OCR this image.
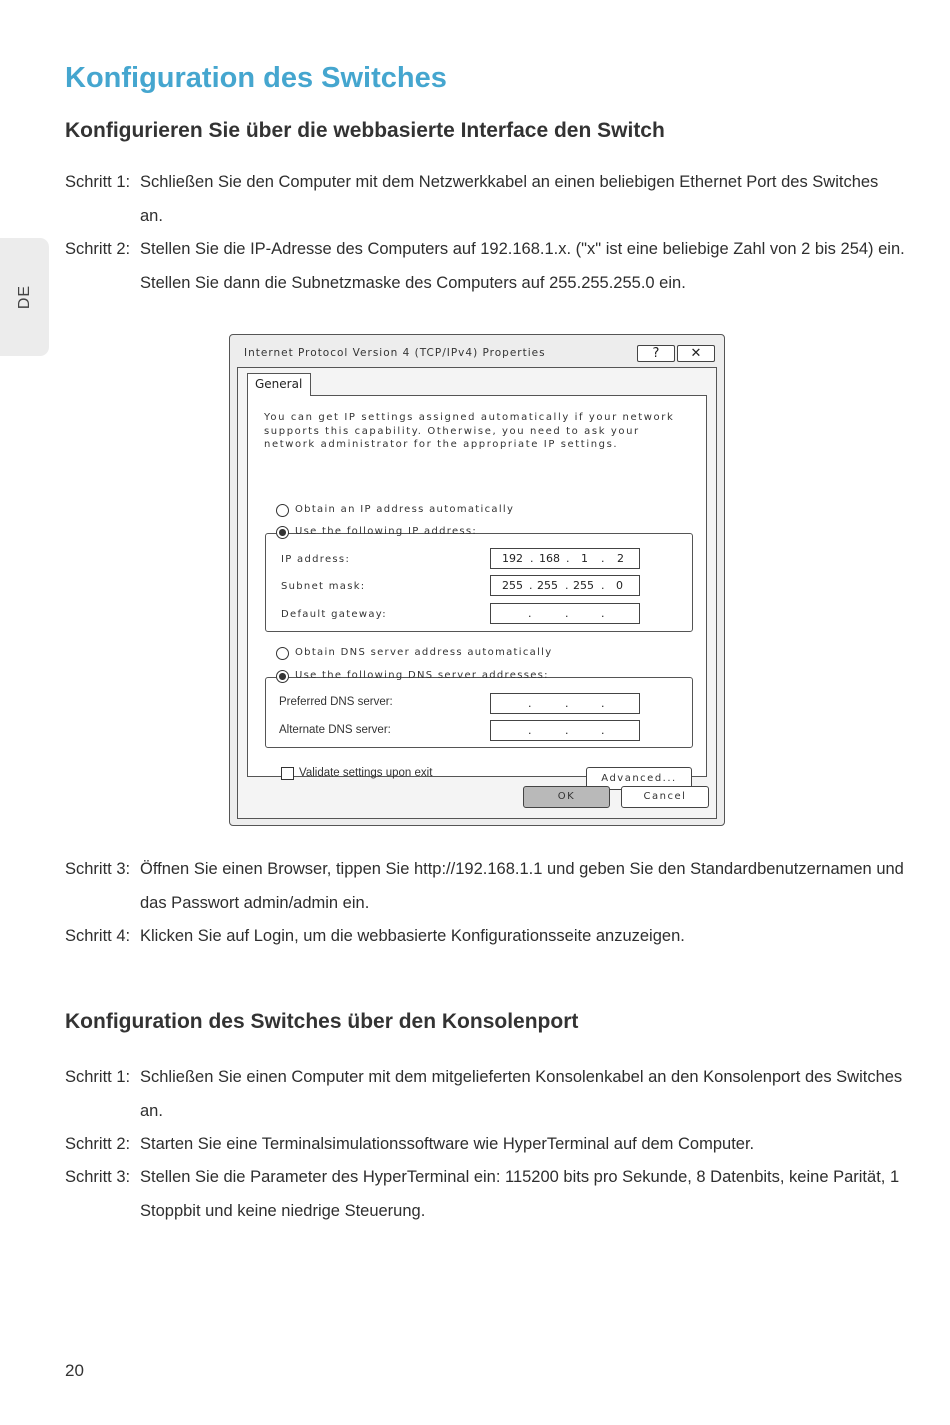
DE
Konfiguration des Switches
Konfigurieren Sie über die webbasierte Interface den Switch
Schritt 1: Schließen Sie den Computer mit dem Netzwerkkabel an einen beliebigen Ethernet Port des Switches an.
Schritt 2: Stellen Sie die IP-Adresse des Computers auf 192.168.1.x. ("x" ist eine beliebige Zahl von 2 bis 254) ein. Stellen Sie dann die Subnetzmaske des Computers auf 255.255.255.0 ein.
Internet Protocol Version 4 (TCP/IPv4) Properties	?	✕
General
You can get IP settings assigned automatically if your network supports this capability. Otherwise, you need to ask your network administrator for the appropriate IP settings.
Obtain an IP address automatically
Use the following IP address:
IP address:	192 . 168 . 1 . 2
Subnet mask:	255 . 255 . 255 . 0
Default gateway:	.	.	.
Obtain DNS server address automatically
Use the following DNS server addresses:
Preferred DNS server:	.	.	.
Alternate DNS server:	.	.	.
Validate settings upon exit	Advanced...
OK	Cancel
Schritt 3: Öffnen Sie einen Browser, tippen Sie http://192.168.1.1 und geben Sie den Standardbenutzernamen und das Passwort admin/admin ein.
Schritt 4: Klicken Sie auf Login, um die webbasierte Konfigurationsseite anzuzeigen.
Konfiguration des Switches über den Konsolenport
Schritt 1: Schließen Sie einen Computer mit dem mitgelieferten Konsolenkabel an den Konsolenport des Switches an.
Schritt 2: Starten Sie eine Terminalsimulationssoftware wie HyperTerminal auf dem Computer.
Schritt 3: Stellen Sie die Parameter des HyperTerminal ein: 115200 bits pro Sekunde, 8 Datenbits, keine Parität, 1 Stoppbit und keine niedrige Steuerung.
20
